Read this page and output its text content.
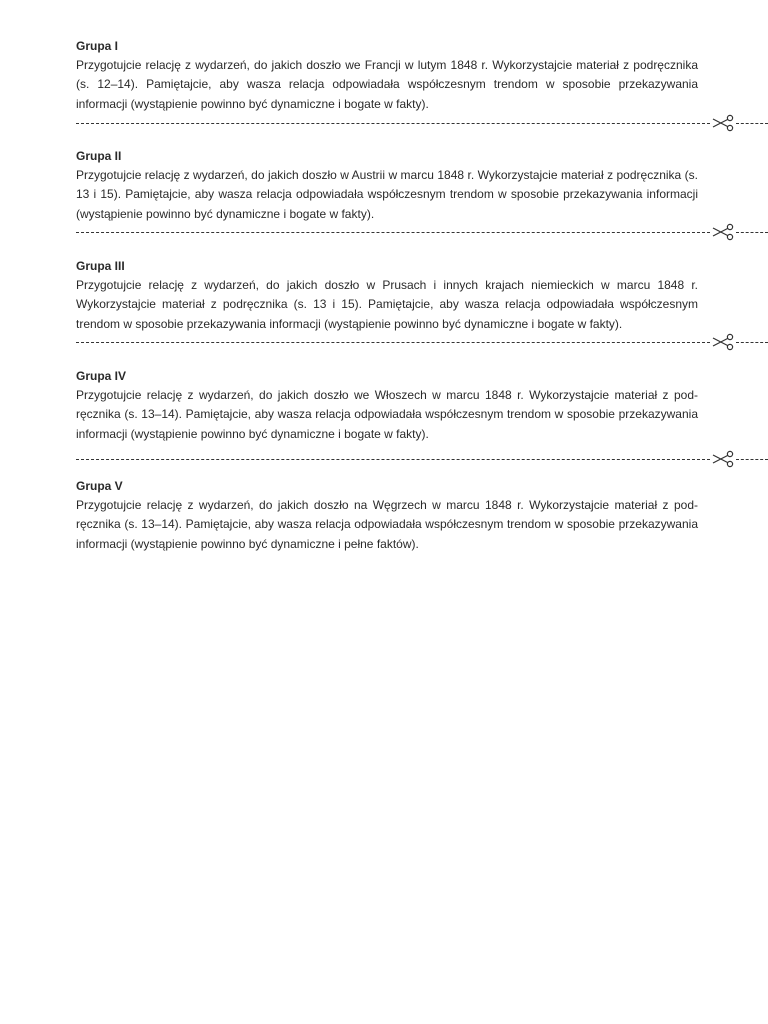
Grupa I

Przygotujcie relację z wydarzeń, do jakich doszło we Francji w lutym 1848 r. Wykorzystajcie materiał z podręcznika (s. 12–14). Pamiętajcie, aby wasza relacja odpowiadała współczesnym trendom w sposobie przekazywania informacji (wystąpienie powinno być dynamiczne i bogate w fakty).

Grupa II

Przygotujcie relację z wydarzeń, do jakich doszło w Austrii w marcu 1848 r. Wykorzystajcie materiał z podręcznika (s. 13 i 15). Pamiętajcie, aby wasza relacja odpowiadała współczesnym trendom w sposobie przekazywania informacji (wystąpienie powinno być dynamiczne i bogate w fakty).

Grupa III

Przygotujcie relację z wydarzeń, do jakich doszło w Prusach i innych krajach niemieckich w marcu 1848 r. Wykorzystajcie materiał z podręcznika (s. 13 i 15). Pamiętajcie, aby wasza relacja odpowiadała współczesnym trendom w sposobie przekazywania informacji (wystąpienie powinno być dynamiczne i bogate w fakty).

Grupa IV

Przygotujcie relację z wydarzeń, do jakich doszło we Włoszech w marcu 1848 r. Wykorzystajcie materiał z podręcznika (s. 13–14). Pamiętajcie, aby wasza relacja odpowiadała współczesnym trendom w sposobie przekazywania informacji (wystąpienie powinno być dynamiczne i bogate w fakty).

Grupa V

Przygotujcie relację z wydarzeń, do jakich doszło na Węgrzech w marcu 1848 r. Wykorzystajcie materiał z podręcznika (s. 13–14). Pamiętajcie, aby wasza relacja odpowiadała współczesnym trendom w sposobie przekazywania informacji (wystąpienie powinno być dynamiczne i pełne faktów).
